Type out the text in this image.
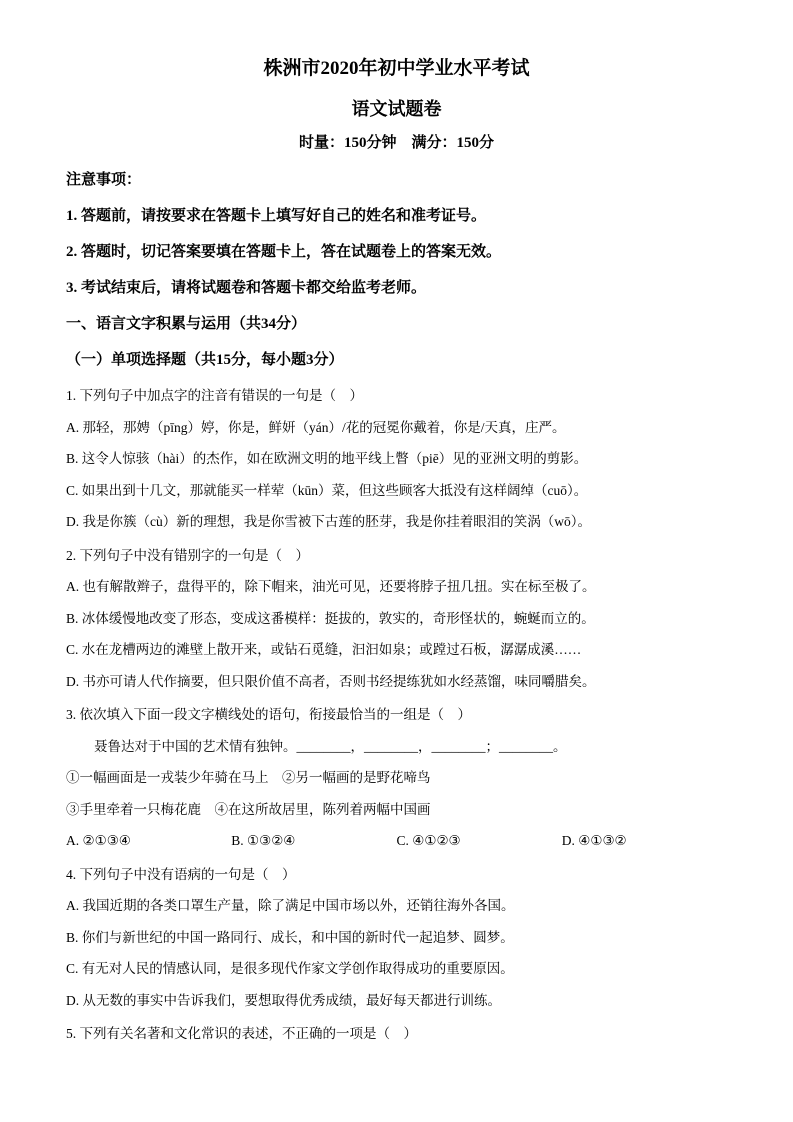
株洲市2020年初中学业水平考试
语文试题卷
时量：150分钟　满分：150分
注意事项：
1. 答题前，请按要求在答题卡上填写好自己的姓名和准考证号。
2. 答题时，切记答案要填在答题卡上，答在试题卷上的答案无效。
3. 考试结束后，请将试题卷和答题卡都交给监考老师。
一、语言文字积累与运用（共34分）
（一）单项选择题（共15分，每小题3分）
1. 下列句子中加点字的注音有错误的一句是（　）
A. 那轻，那娉（pīng）婷，你是，鲜妍（yán）/花的冠冕你戴着，你是/天真，庄严。
B. 这令人惊骇（hài）的杰作，如在欧洲文明的地平线上瞥（piē）见的亚洲文明的剪影。
C. 如果出到十几文，那就能买一样荤（kūn）菜，但这些顾客大抵没有这样阔绰（cuō）。
D. 我是你簇（cù）新的理想，我是你雪被下古莲的胚芽，我是你挂着眼泪的笑涡（wō）。
2. 下列句子中没有错别字的一句是（　）
A. 也有解散辫子，盘得平的，除下帽来，油光可见，还要将脖子扭几扭。实在标至极了。
B. 冰体缓慢地改变了形态，变成这番模样：挺拔的，敦实的，奇形怪状的，蜿蜒而立的。
C. 水在龙槽两边的滩壁上散开来，或钻石觅缝，汩汩如泉；或蹚过石板，潺潺成溪……
D. 书亦可请人代作摘要，但只限价值不高者，否则书经提练犹如水经蒸馏，味同嚼腊矣。
3. 依次填入下面一段文字横线处的语句，衔接最恰当的一组是（　）
聂鲁达对于中国的艺术情有独钟。________，________，________；________。
①一幅画面是一戎装少年骑在马上　②另一幅画的是野花啼鸟
③手里牵着一只梅花鹿　④在这所故居里，陈列着两幅中国画
A. ②①③④	B. ①③②④	C. ④①②③	D. ④①③②
4. 下列句子中没有语病的一句是（　）
A. 我国近期的各类口罩生产量，除了满足中国市场以外，还销往海外各国。
B. 你们与新世纪的中国一路同行、成长，和中国的新时代一起追梦、圆梦。
C. 有无对人民的情感认同，是很多现代作家文学创作取得成功的重要原因。
D. 从无数的事实中告诉我们，要想取得优秀成绩，最好每天都进行训练。
5. 下列有关名著和文化常识的表述，不正确的一项是（　）
